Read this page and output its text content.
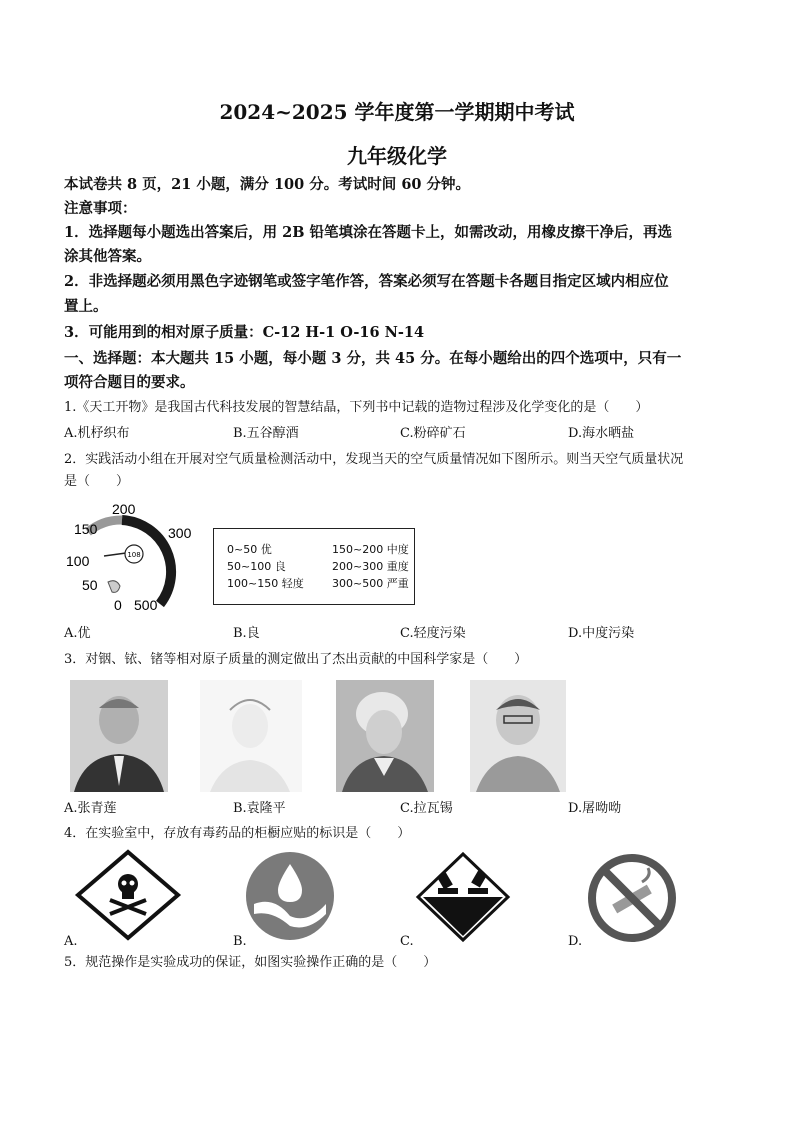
2024~2025 学年度第一学期期中考试
九年级化学
本试卷共 8 页，21 小题，满分 100 分。考试时间 60 分钟。
注意事项：
1．选择题每小题选出答案后，用 2B 铅笔填涂在答题卡上，如需改动，用橡皮擦干净后，再选
涂其他答案。
2．非选择题必须用黑色字迹钢笔或签字笔作答，答案必须写在答题卡各题目指定区域内相应位
置上。
3．可能用到的相对原子质量：C-12 H-1 O-16 N-14
一、选择题：本大题共 15 小题，每小题 3 分，共 45 分。在每小题给出的四个选项中，只有一
项符合题目的要求。
1.《天工开物》是我国古代科技发展的智慧结晶，下列书中记载的造物过程涉及化学变化的是（　　）
A.机杼织布	B.五谷醇酒	C.粉碎矿石	D.海水晒盐
2．实践活动小组在开展对空气质量检测活动中，发现当天的空气质量情况如下图所示。则当天空气质量状况
是（　　）
108
200
150	300
100
50
0 500
0~50 优	150~200 中度
50~100 良	200~300 重度
100~150 轻度	300~500 严重
A.优	B.良	C.轻度污染	D.中度污染
3．对铟、铱、锗等相对原子质量的测定做出了杰出贡献的中国科学家是（　　）
A.张青莲	B.袁隆平	C.拉瓦锡	D.屠呦呦
4．在实验室中，存放有毒药品的柜橱应贴的标识是（　　）
A.	B.	C.	D.
5．规范操作是实验成功的保证，如图实验操作正确的是（　　）
